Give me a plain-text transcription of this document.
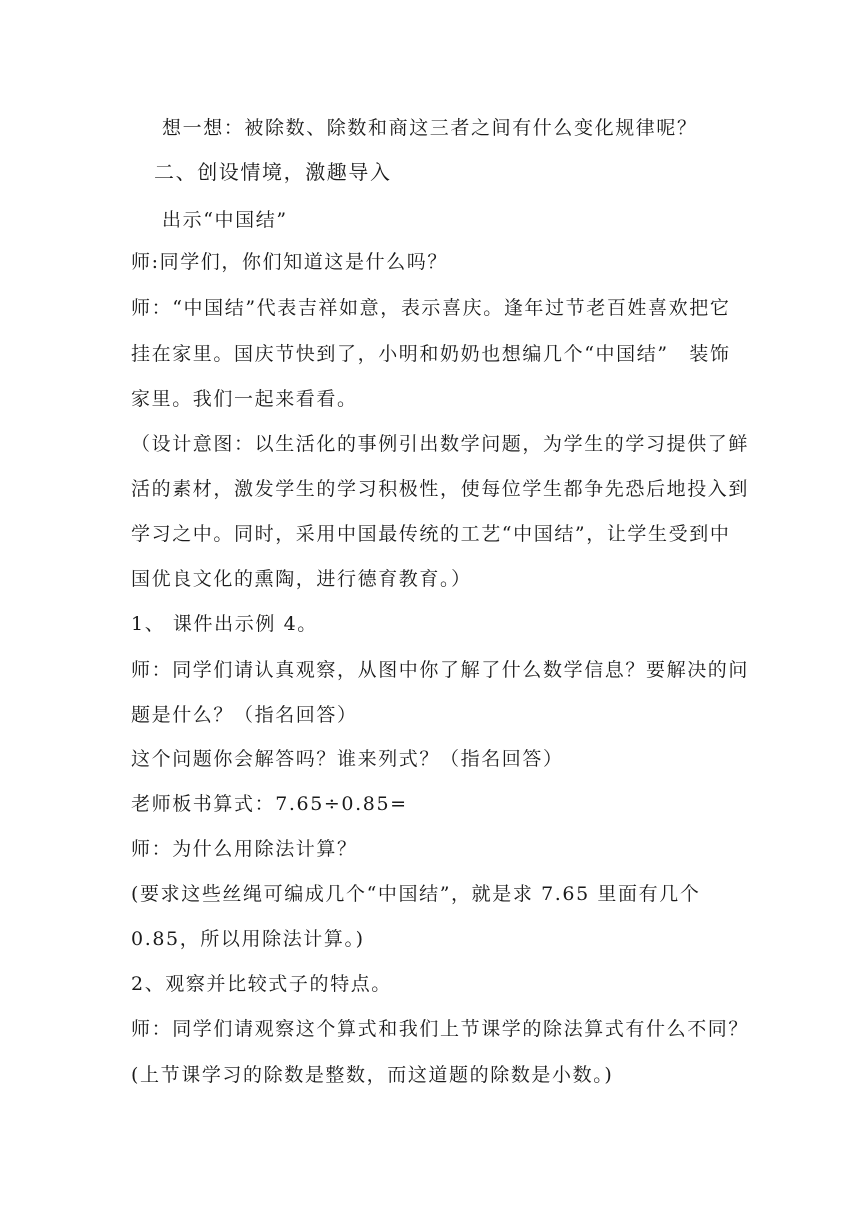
想一想：被除数、除数和商这三者之间有什么变化规律呢？
二、创设情境，激趣导入
出示“中国结”
师:同学们，你们知道这是什么吗？
师：“中国结”代表吉祥如意，表示喜庆。逢年过节老百姓喜欢把它
挂在家里。国庆节快到了，小明和奶奶也想编几个“中国结”　装饰
家里。我们一起来看看。
（设计意图：以生活化的事例引出数学问题，为学生的学习提供了鲜
活的素材，激发学生的学习积极性，使每位学生都争先恐后地投入到
学习之中。同时，采用中国最传统的工艺“中国结”，让学生受到中
国优良文化的熏陶，进行德育教育。）
1、 课件出示例 4。
师：同学们请认真观察，从图中你了解了什么数学信息？要解决的问
题是什么？（指名回答）
这个问题你会解答吗？谁来列式？（指名回答）
老师板书算式：7.65÷0.85=
师：为什么用除法计算？
(要求这些丝绳可编成几个“中国结”，就是求 7.65 里面有几个
0.85，所以用除法计算。)
2、观察并比较式子的特点。
师：同学们请观察这个算式和我们上节课学的除法算式有什么不同？
(上节课学习的除数是整数，而这道题的除数是小数。)
